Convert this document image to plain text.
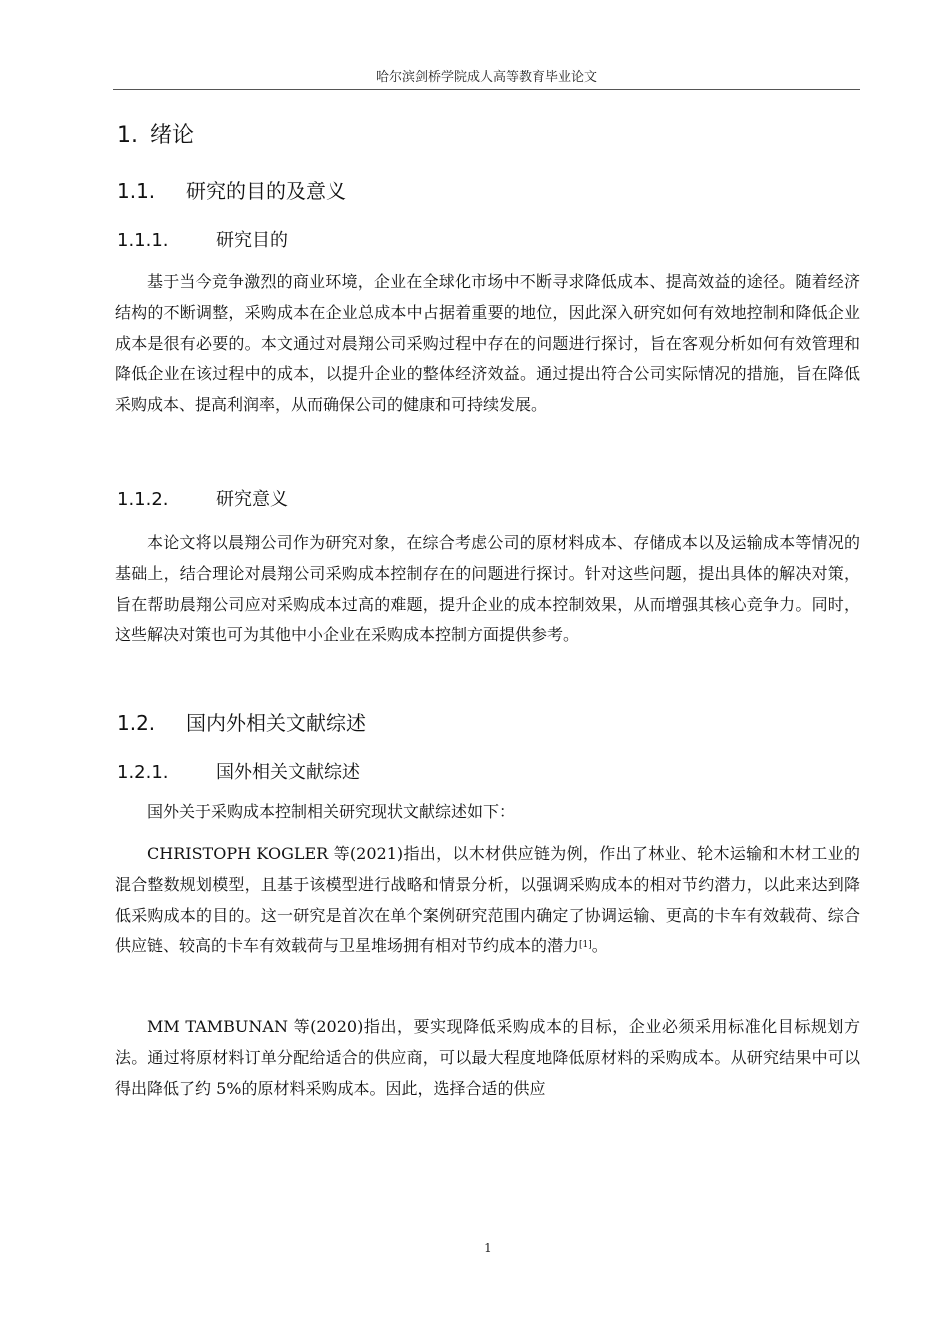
哈尔滨剑桥学院成人高等教育毕业论文
1. 绪论
1.1. 研究的目的及意义
1.1.1.	研究目的

基于当今竞争激烈的商业环境，企业在全球化市场中不断寻求降低成本、提高效益的途径。随着经济结构的不断调整，采购成本在企业总成本中占据着重要的地位，因此深入研究如何有效地控制和降低企业成本是很有必要的。本文通过对晨翔公司采购过程中存在的问题进行探讨，旨在客观分析如何有效管理和降低企业在该过程中的成本，以提升企业的整体经济效益。通过提出符合公司实际情况的措施，旨在降低采购成本、提高利润率，从而确保公司的健康和可持续发展。

1.1.2.	研究意义

本论文将以晨翔公司作为研究对象，在综合考虑公司的原材料成本、存储成本以及运输成本等情况的基础上，结合理论对晨翔公司采购成本控制存在的问题进行探讨。针对这些问题，提出具体的解决对策，旨在帮助晨翔公司应对采购成本过高的难题，提升企业的成本控制效果，从而增强其核心竞争力。同时，这些解决对策也可为其他中小企业在采购成本控制方面提供参考。

1.2. 国内外相关文献综述
1.2.1.	国外相关文献综述

国外关于采购成本控制相关研究现状文献综述如下：

CHRISTOPH KOGLER 等(2021)指出，以木材供应链为例，作出了林业、轮木运输和木材工业的混合整数规划模型，且基于该模型进行战略和情景分析，以强调采购成本的相对节约潜力，以此来达到降低采购成本的目的。这一研究是首次在单个案例研究范围内确定了协调运输、更高的卡车有效载荷、综合供应链、较高的卡车有效载荷与卫星堆场拥有相对节约成本的潜力[1]。

MM TAMBUNAN 等(2020)指出，要实现降低采购成本的目标，企业必须采用标准化目标规划方法。通过将原材料订单分配给适合的供应商，可以最大程度地降低原材料的采购成本。从研究结果中可以得出降低了约 5%的原材料采购成本。因此，选择合适的供应

1
